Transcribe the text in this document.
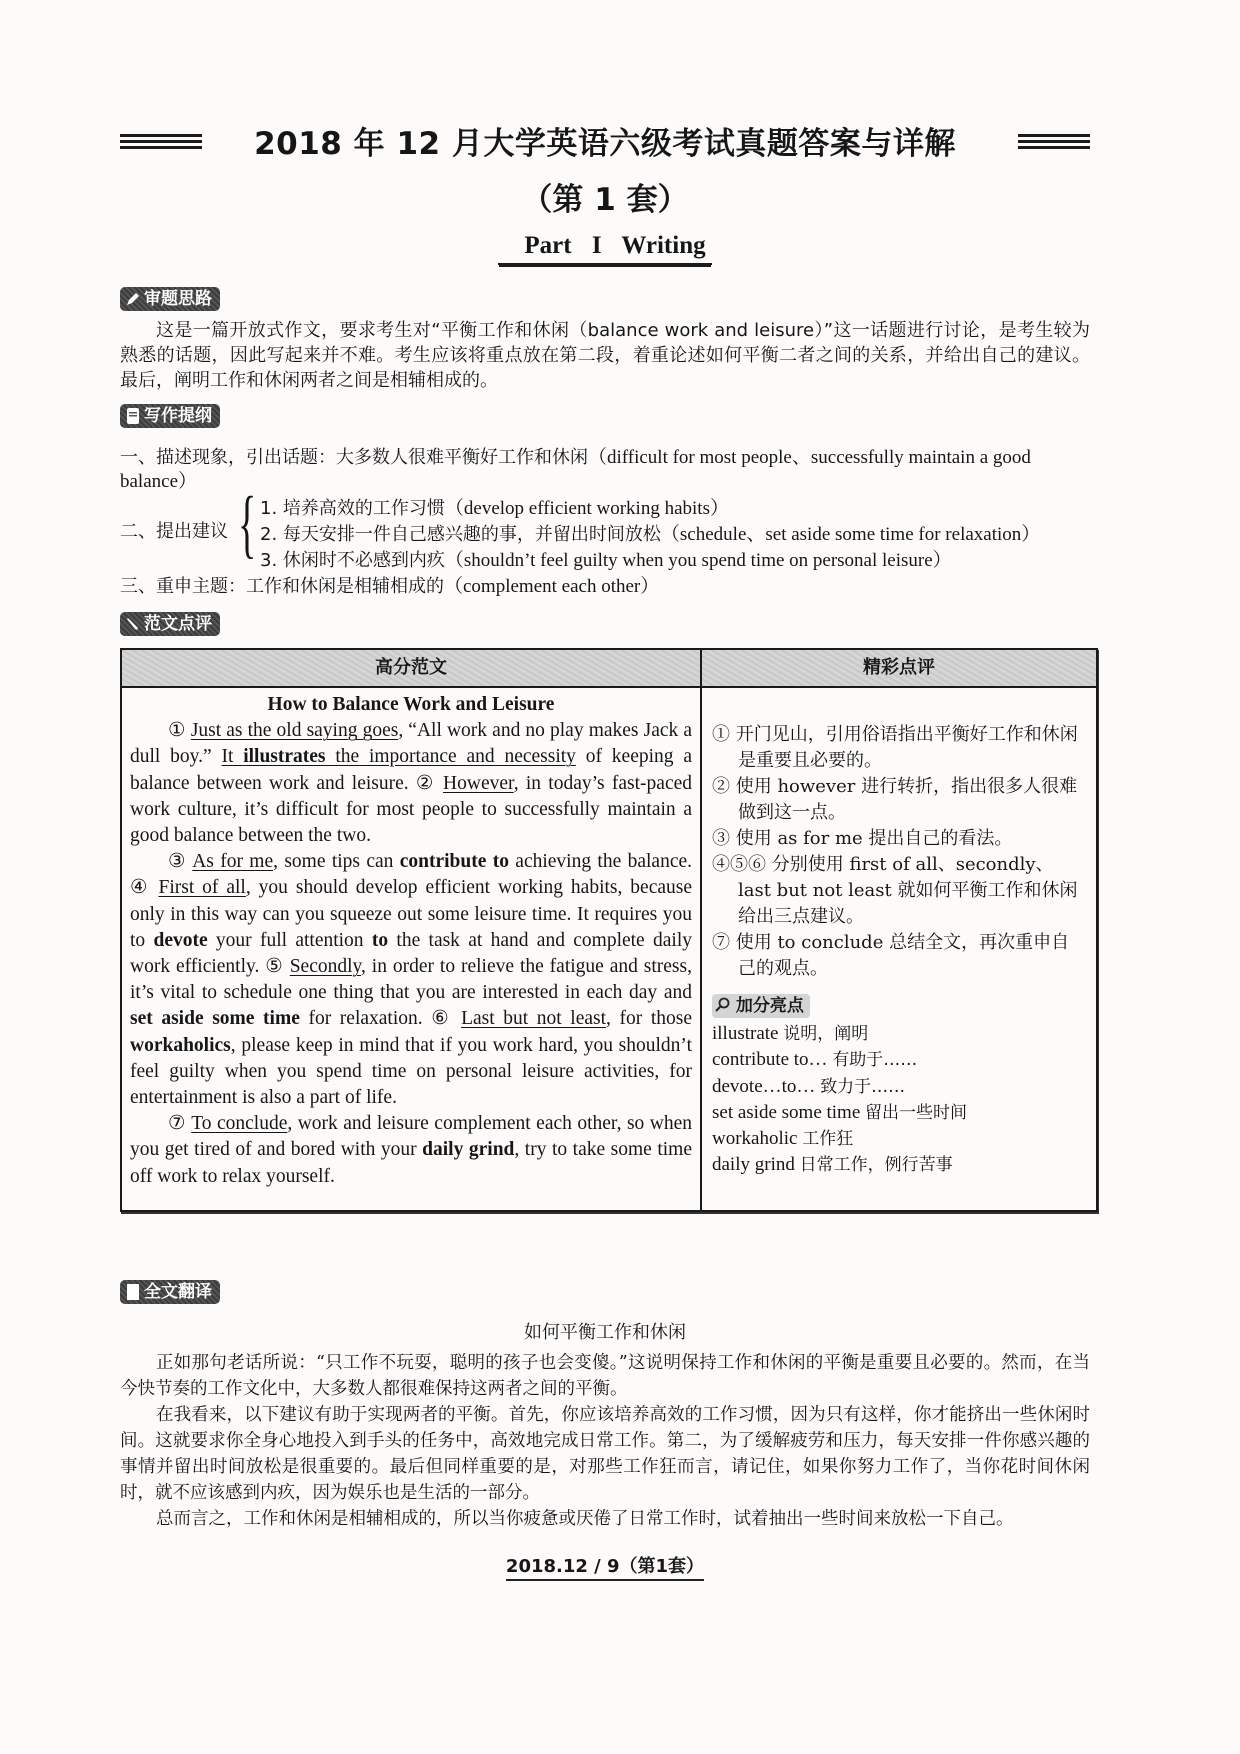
2018 年 12 月大学英语六级考试真题答案与详解
（第 1 套）
Part I Writing
审题思路
这是一篇开放式作文，要求考生对“平衡工作和休闲（balance work and leisure）”这一话题进行讨论，是考生较为熟悉的话题，因此写起来并不难。考生应该将重点放在第二段，着重论述如何平衡二者之间的关系，并给出自己的建议。最后，阐明工作和休闲两者之间是相辅相成的。
写作提纲
一、描述现象，引出话题：大多数人很难平衡好工作和休闲（difficult for most people、successfully maintain a good balance）
二、提出建议 { 1. 培养高效的工作习惯（develop efficient working habits）
2. 每天安排一件自己感兴趣的事，并留出时间放松（schedule、set aside some time for relaxation）
3. 休闲时不必感到内疚（shouldn’t feel guilty when you spend time on personal leisure）
三、重申主题：工作和休闲是相辅相成的（complement each other）
范文点评
高分范文	精彩点评
How to Balance Work and Leisure

① Just as the old saying goes, “All work and no play makes Jack a dull boy.” It illustrates the importance and necessity of keeping a balance between work and leisure. ② However, in today’s fast-paced work culture, it’s difficult for most people to successfully maintain a good balance between the two.

③ As for me, some tips can contribute to achieving the balance. ④ First of all, you should develop efficient working habits, because only in this way can you squeeze out some leisure time. It requires you to devote your full attention to the task at hand and complete daily work efficiently. ⑤ Secondly, in order to relieve the fatigue and stress, it’s vital to schedule one thing that you are interested in each day and set aside some time for relaxation. ⑥ Last but not least, for those workaholics, please keep in mind that if you work hard, you shouldn’t feel guilty when you spend time on personal leisure activities, for entertainment is also a part of life.

⑦ To conclude, work and leisure complement each other, so when you get tired of and bored with your daily grind, try to take some time off work to relax yourself.

① 开门见山，引用俗语指出平衡好工作和休闲是重要且必要的。
② 使用 however 进行转折，指出很多人很难做到这一点。
③ 使用 as for me 提出自己的看法。
④⑤⑥ 分别使用 first of all、secondly、last but not least 就如何平衡工作和休闲给出三点建议。
⑦ 使用 to conclude 总结全文，再次重申自己的观点。
加分亮点
illustrate 说明，阐明
contribute to… 有助于……
devote…to… 致力于……
set aside some time 留出一些时间
workaholic 工作狂
daily grind 日常工作，例行苦事
全文翻译
如何平衡工作和休闲

正如那句老话所说：“只工作不玩耍，聪明的孩子也会变傻。”这说明保持工作和休闲的平衡是重要且必要的。然而，在当今快节奏的工作文化中，大多数人都很难保持这两者之间的平衡。

在我看来，以下建议有助于实现两者的平衡。首先，你应该培养高效的工作习惯，因为只有这样，你才能挤出一些休闲时间。这就要求你全身心地投入到手头的任务中，高效地完成日常工作。第二，为了缓解疲劳和压力，每天安排一件你感兴趣的事情并留出时间放松是很重要的。最后但同样重要的是，对那些工作狂而言，请记住，如果你努力工作了，当你花时间休闲时，就不应该感到内疚，因为娱乐也是生活的一部分。

总而言之，工作和休闲是相辅相成的，所以当你疲惫或厌倦了日常工作时，试着抽出一些时间来放松一下自己。

2018.12 / 9（第1套）
